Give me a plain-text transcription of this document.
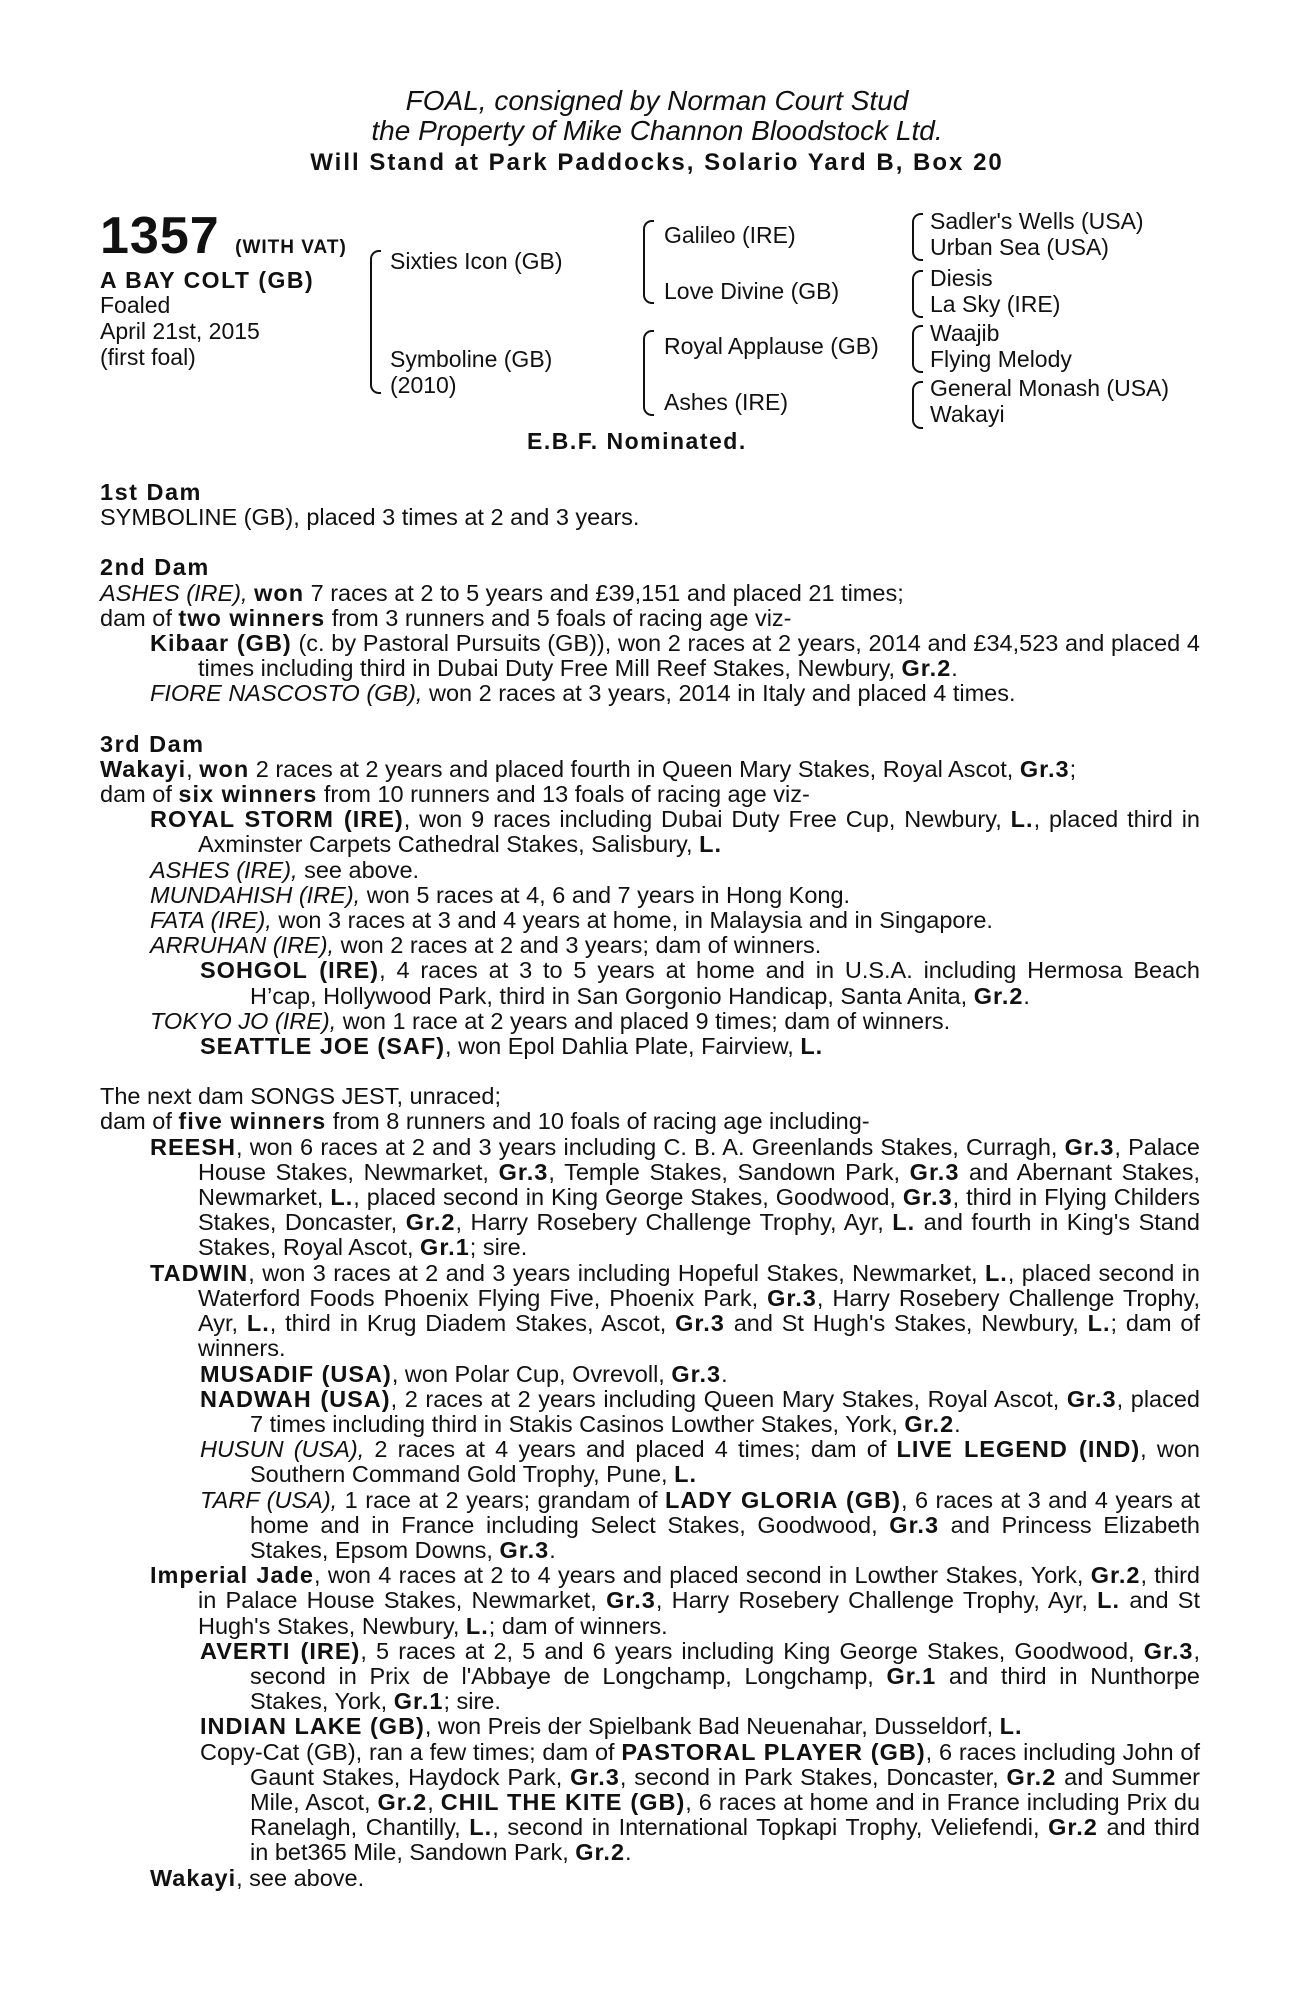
FOAL, consigned by Norman Court Stud
the Property of Mike Channon Bloodstock Ltd.
Will Stand at Park Paddocks, Solario Yard B, Box 20
1357 (WITH VAT)
A BAY COLT (GB)
Foaled
April 21st, 2015
(first foal)
Sixties Icon (GB)
Symboline (GB)
(2010)
Galileo (IRE)
Love Divine (GB)
Royal Applause (GB)
Ashes (IRE)
Sadler's Wells (USA)
Urban Sea (USA)
Diesis
La Sky (IRE)
Waajib
Flying Melody
General Monash (USA)
Wakayi
E.B.F. Nominated.

1st Dam

SYMBOLINE (GB), placed 3 times at 2 and 3 years.

2nd Dam

ASHES (IRE), won 7 races at 2 to 5 years and £39,151 and placed 21 times;

dam of two winners from 3 runners and 5 foals of racing age viz-

Kibaar (GB) (c. by Pastoral Pursuits (GB)), won 2 races at 2 years, 2014 and £34,523 and placed 4 times including third in Dubai Duty Free Mill Reef Stakes, Newbury, Gr.2.

FIORE NASCOSTO (GB), won 2 races at 3 years, 2014 in Italy and placed 4 times.

3rd Dam

Wakayi, won 2 races at 2 years and placed fourth in Queen Mary Stakes, Royal Ascot, Gr.3;

dam of six winners from 10 runners and 13 foals of racing age viz-

ROYAL STORM (IRE), won 9 races including Dubai Duty Free Cup, Newbury, L., placed third in Axminster Carpets Cathedral Stakes, Salisbury, L.

ASHES (IRE), see above.

MUNDAHISH (IRE), won 5 races at 4, 6 and 7 years in Hong Kong.

FATA (IRE), won 3 races at 3 and 4 years at home, in Malaysia and in Singapore.

ARRUHAN (IRE), won 2 races at 2 and 3 years; dam of winners.

SOHGOL (IRE), 4 races at 3 to 5 years at home and in U.S.A. including Hermosa Beach H’cap, Hollywood Park, third in San Gorgonio Handicap, Santa Anita, Gr.2.

TOKYO JO (IRE), won 1 race at 2 years and placed 9 times; dam of winners.

SEATTLE JOE (SAF), won Epol Dahlia Plate, Fairview, L.

The next dam SONGS JEST, unraced;

dam of five winners from 8 runners and 10 foals of racing age including-

REESH, won 6 races at 2 and 3 years including C. B. A. Greenlands Stakes, Curragh, Gr.3, Palace House Stakes, Newmarket, Gr.3, Temple Stakes, Sandown Park, Gr.3 and Abernant Stakes, Newmarket, L., placed second in King George Stakes, Goodwood, Gr.3, third in Flying Childers Stakes, Doncaster, Gr.2, Harry Rosebery Challenge Trophy, Ayr, L. and fourth in King's Stand Stakes, Royal Ascot, Gr.1; sire.

TADWIN, won 3 races at 2 and 3 years including Hopeful Stakes, Newmarket, L., placed second in Waterford Foods Phoenix Flying Five, Phoenix Park, Gr.3, Harry Rosebery Challenge Trophy, Ayr, L., third in Krug Diadem Stakes, Ascot, Gr.3 and St Hugh's Stakes, Newbury, L.; dam of winners.

MUSADIF (USA), won Polar Cup, Ovrevoll, Gr.3.

NADWAH (USA), 2 races at 2 years including Queen Mary Stakes, Royal Ascot, Gr.3, placed 7 times including third in Stakis Casinos Lowther Stakes, York, Gr.2.

HUSUN (USA), 2 races at 4 years and placed 4 times; dam of LIVE LEGEND (IND), won Southern Command Gold Trophy, Pune, L.

TARF (USA), 1 race at 2 years; grandam of LADY GLORIA (GB), 6 races at 3 and 4 years at home and in France including Select Stakes, Goodwood, Gr.3 and Princess Elizabeth Stakes, Epsom Downs, Gr.3.

Imperial Jade, won 4 races at 2 to 4 years and placed second in Lowther Stakes, York, Gr.2, third in Palace House Stakes, Newmarket, Gr.3, Harry Rosebery Challenge Trophy, Ayr, L. and St Hugh's Stakes, Newbury, L.; dam of winners.

AVERTI (IRE), 5 races at 2, 5 and 6 years including King George Stakes, Goodwood, Gr.3, second in Prix de l'Abbaye de Longchamp, Longchamp, Gr.1 and third in Nunthorpe Stakes, York, Gr.1; sire.

INDIAN LAKE (GB), won Preis der Spielbank Bad Neuenahar, Dusseldorf, L.

Copy-Cat (GB), ran a few times; dam of PASTORAL PLAYER (GB), 6 races including John of Gaunt Stakes, Haydock Park, Gr.3, second in Park Stakes, Doncaster, Gr.2 and Summer Mile, Ascot, Gr.2, CHIL THE KITE (GB), 6 races at home and in France including Prix du Ranelagh, Chantilly, L., second in International Topkapi Trophy, Veliefendi, Gr.2 and third in bet365 Mile, Sandown Park, Gr.2.

Wakayi, see above.
